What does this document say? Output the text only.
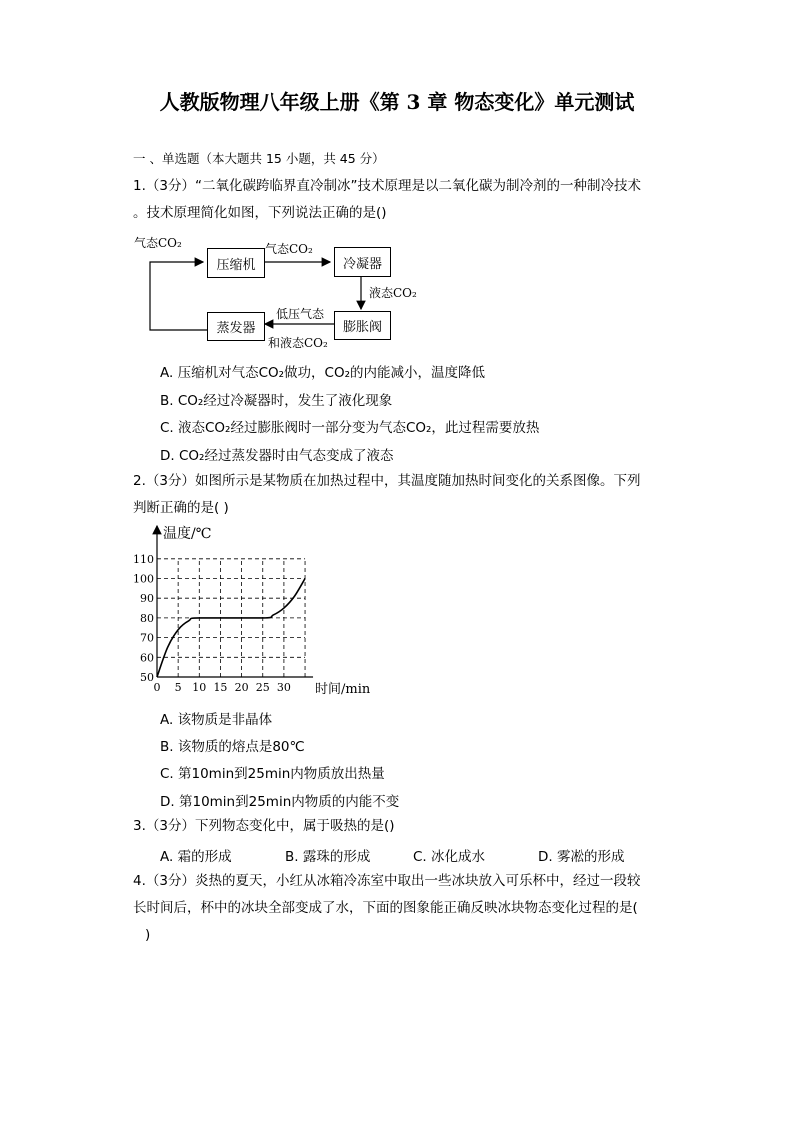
人教版物理八年级上册《第 3 章 物态变化》单元测试
一 、单选题（本大题共 15 小题，共 45 分）
1.（3分）“二氧化碳跨临界直冷制冰”技术原理是以二氧化碳为制冷剂的一种制冷技术
。技术原理简化如图，下列说法正确的是()
气态CO₂
压缩机
气态CO₂
冷凝器
液态CO₂
膨胀阀
低压气态
和液态CO₂
蒸发器
A. 压缩机对气态CO₂做功，CO₂的内能减小，温度降低
B. CO₂经过冷凝器时，发生了液化现象
C. 液态CO₂经过膨胀阀时一部分变为气态CO₂，此过程需要放热
D. CO₂经过蒸发器时由气态变成了液态
2.（3分）如图所示是某物质在加热过程中，其温度随加热时间变化的关系图像。下列
判断正确的是( )
50
60
70
80
90
100
110
0 5 10 15 20 25 30
温度/℃
时间/min
A. 该物质是非晶体
B. 该物质的熔点是80℃
C. 第10min到25min内物质放出热量
D. 第10min到25min内物质的内能不变
3.（3分）下列物态变化中，属于吸热的是()
A. 霜的形成	B. 露珠的形成	C. 冰化成水	D. 雾凇的形成
4.（3分）炎热的夏天，小红从冰箱冷冻室中取出一些冰块放入可乐杯中，经过一段较
长时间后，杯中的冰块全部变成了水，下面的图象能正确反映冰块物态变化过程的是(
)
